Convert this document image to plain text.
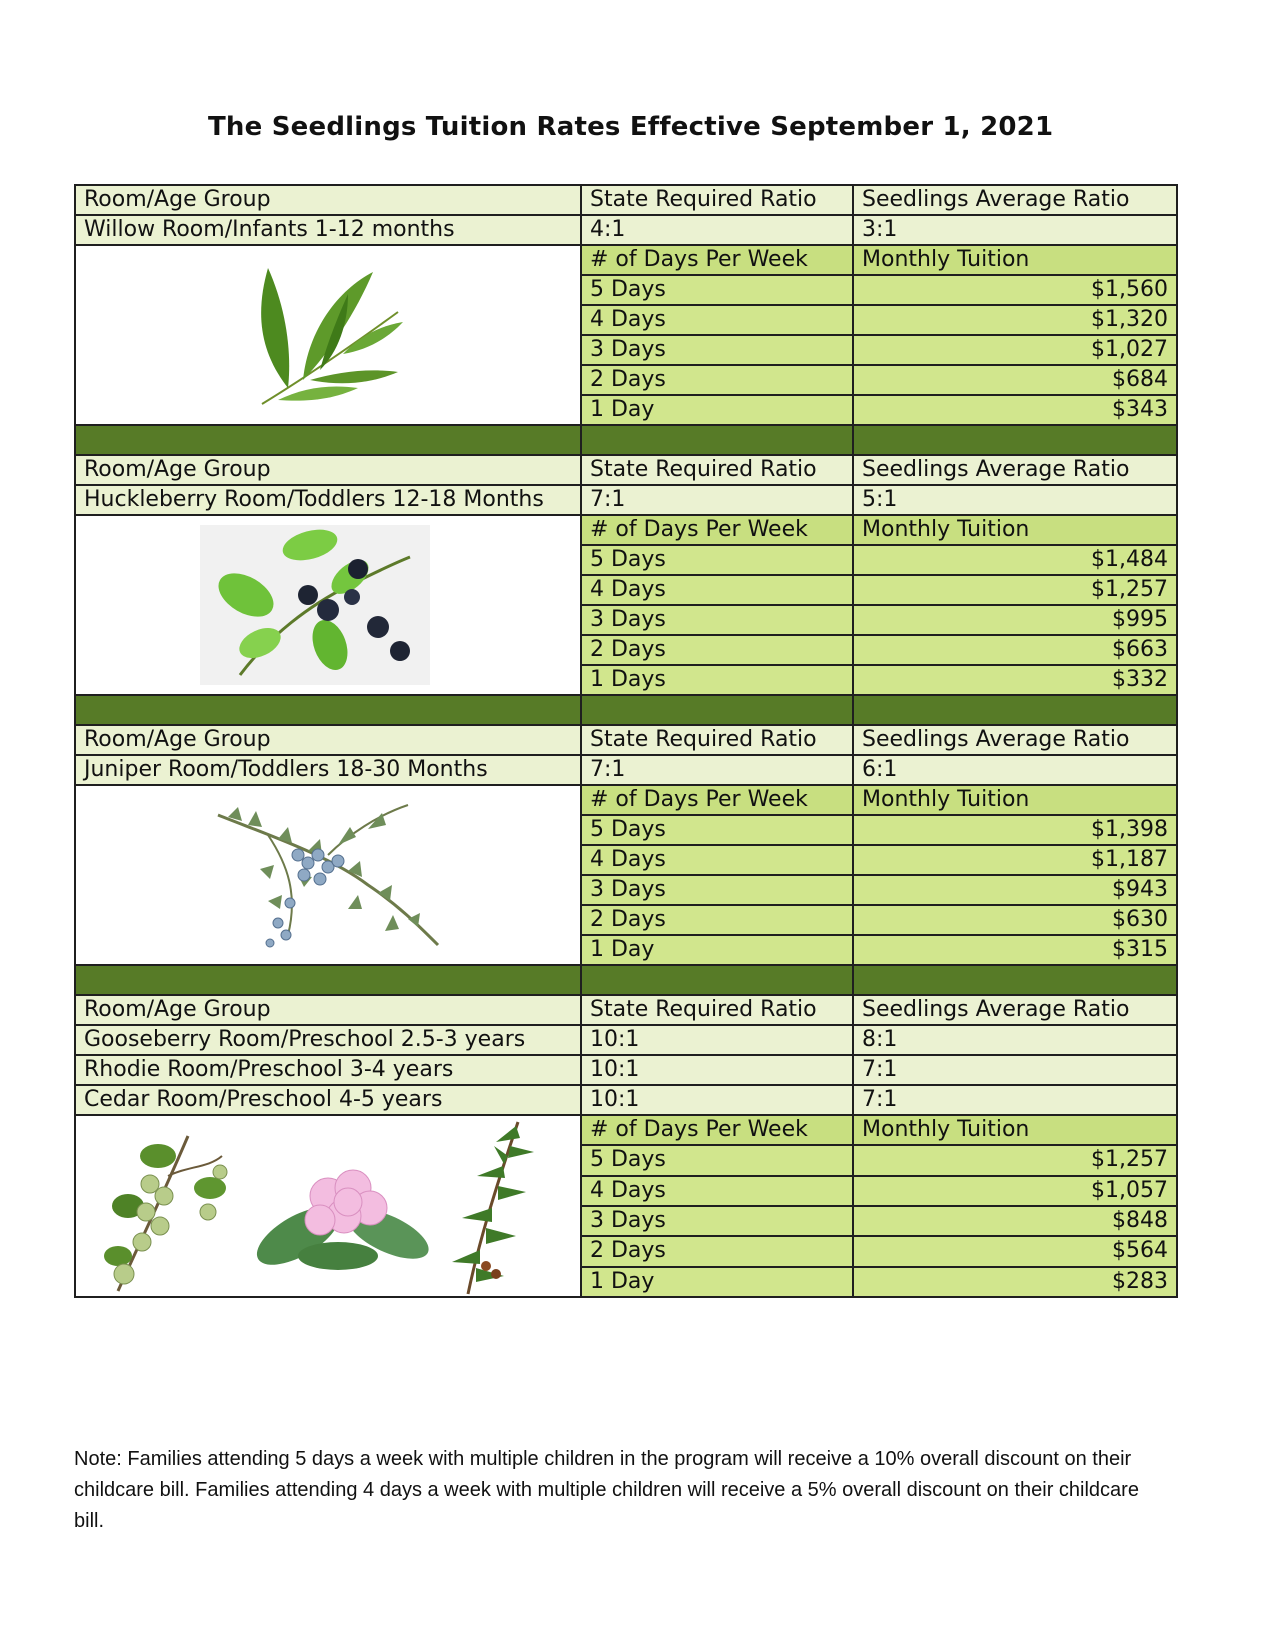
The Seedlings Tuition Rates Effective September 1, 2021
Room/Age Group	State Required Ratio	Seedlings Average Ratio
Willow Room/Infants 1-12 months	4:1	3:1

	# of Days Per Week	Monthly Tuition
	5 Days	$1,560
	4 Days	$1,320
	3 Days	$1,027
	2 Days	$684
	1 Day	$343

Room/Age Group	State Required Ratio	Seedlings Average Ratio
Huckleberry Room/Toddlers 12-18 Months	7:1	5:1

	# of Days Per Week	Monthly Tuition
	5 Days	$1,484
	4 Days	$1,257
	3 Days	$995
	2 Days	$663
	1 Days	$332

Room/Age Group	State Required Ratio	Seedlings Average Ratio
Juniper Room/Toddlers 18-30 Months	7:1	6:1

	# of Days Per Week	Monthly Tuition
	5 Days	$1,398
	4 Days	$1,187
	3 Days	$943
	2 Days	$630
	1 Day	$315

Room/Age Group	State Required Ratio	Seedlings Average Ratio
Gooseberry Room/Preschool 2.5-3 years	10:1	8:1
Rhodie Room/Preschool 3-4 years	10:1	7:1
Cedar Room/Preschool 4-5 years	10:1	7:1

	# of Days Per Week	Monthly Tuition
	5 Days	$1,257
	4 Days	$1,057
	3 Days	$848
	2 Days	$564
	1 Day	$283
Note: Families attending 5 days a week with multiple children in the program will receive a 10% overall discount on their childcare bill. Families attending 4 days a week with multiple children will receive a 5% overall discount on their childcare bill.
